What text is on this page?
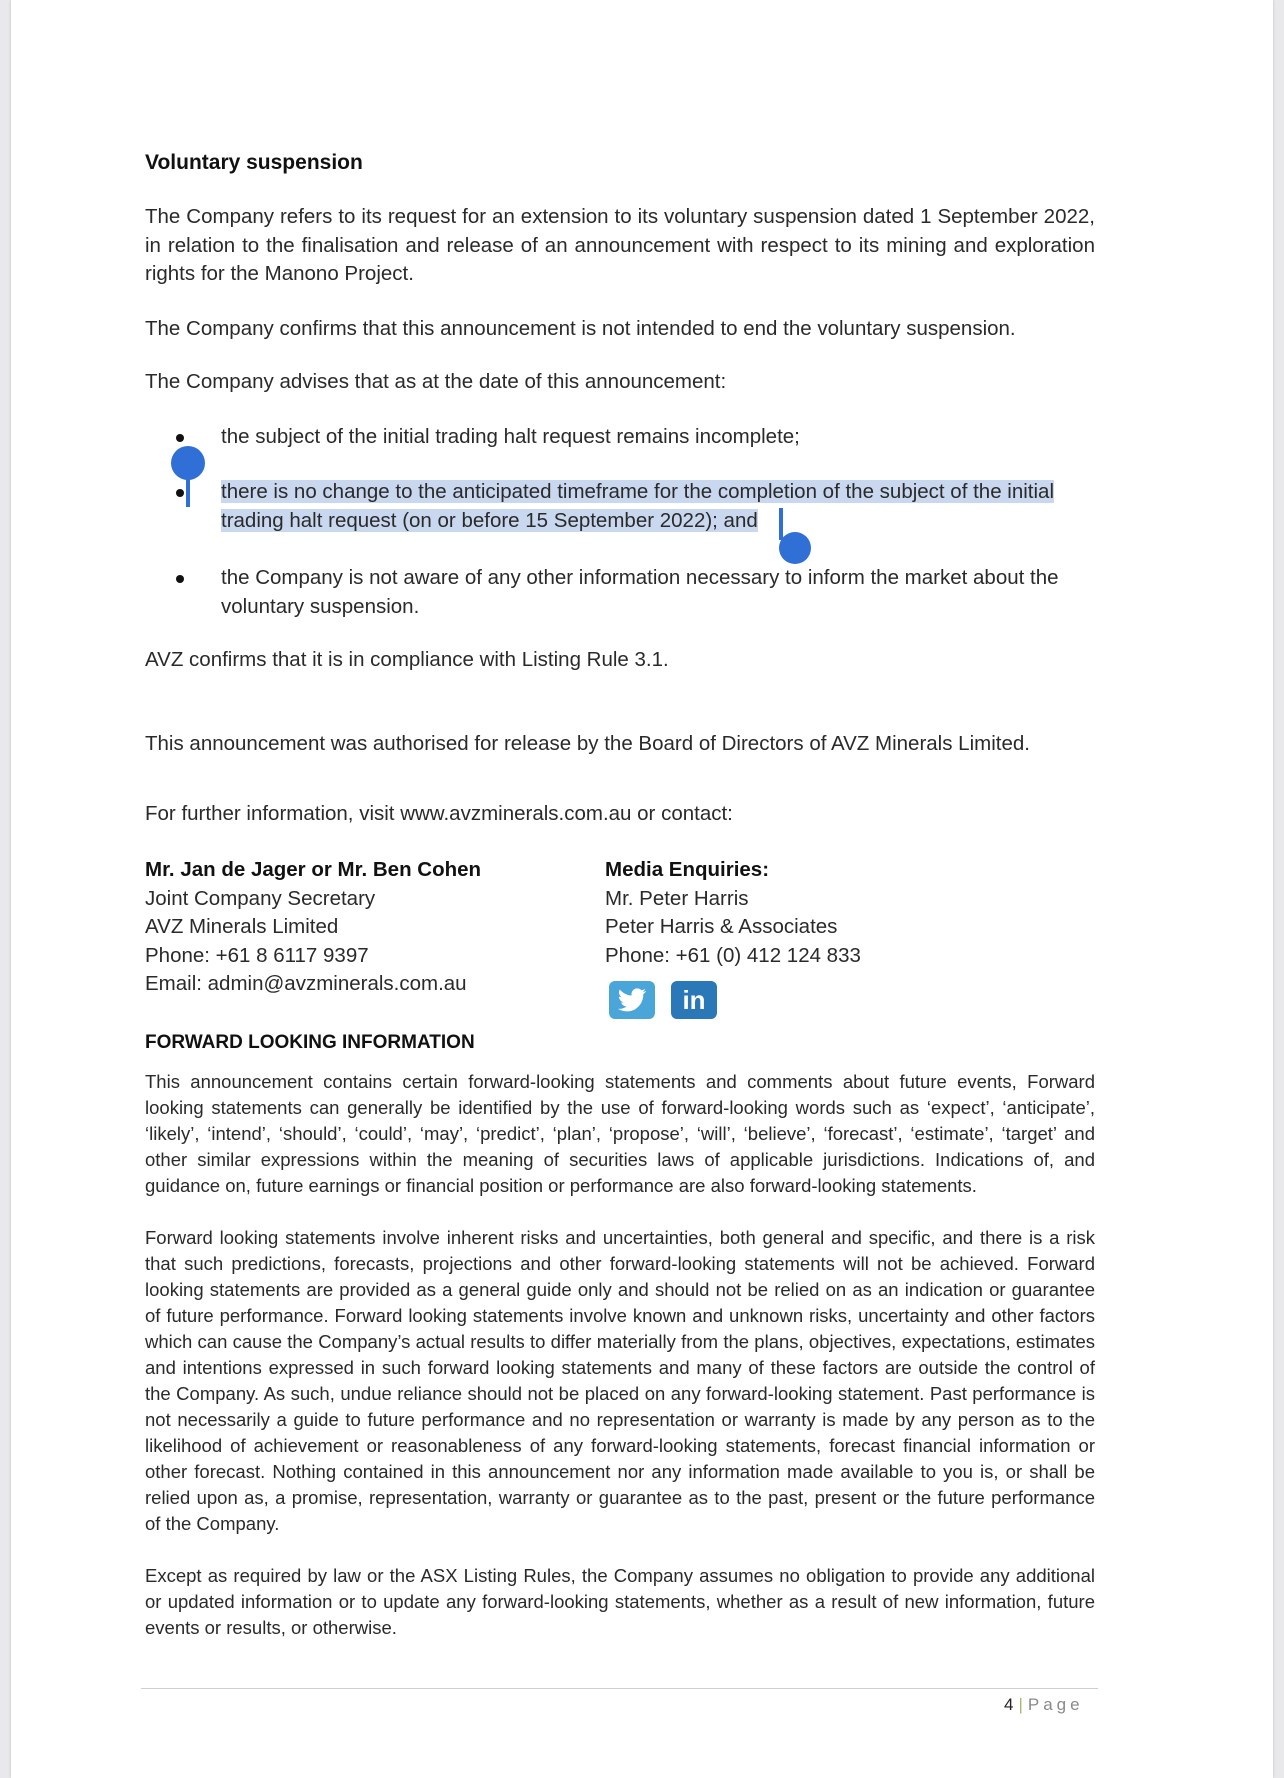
Voluntary suspension
The Company refers to its request for an extension to its voluntary suspension dated 1 September 2022, in relation to the finalisation and release of an announcement with respect to its mining and exploration rights for the Manono Project.
The Company confirms that this announcement is not intended to end the voluntary suspension.
The Company advises that as at the date of this announcement:
the subject of the initial trading halt request remains incomplete;
there is no change to the anticipated timeframe for the completion of the subject of the initial
trading halt request (on or before 15 September 2022); and
the Company is not aware of any other information necessary to inform the market about the voluntary suspension.
AVZ confirms that it is in compliance with Listing Rule 3.1.
This announcement was authorised for release by the Board of Directors of AVZ Minerals Limited.
For further information, visit www.avzminerals.com.au or contact:
Mr. Jan de Jager or Mr. Ben Cohen
Joint Company Secretary
AVZ Minerals Limited
Phone: +61 8 6117 9397
Email: admin@avzminerals.com.au
Media Enquiries:
Mr. Peter Harris
Peter Harris & Associates
Phone: +61 (0) 412 124 833
in
FORWARD LOOKING INFORMATION
This announcement contains certain forward-looking statements and comments about future events, Forward looking statements can generally be identified by the use of forward-looking words such as ‘expect’, ‘anticipate’, ‘likely’, ‘intend’, ‘should’, ‘could’, ‘may’, ‘predict’, ‘plan’, ‘propose’, ‘will’, ‘believe’, ‘forecast’, ‘estimate’, ‘target’ and other similar expressions within the meaning of securities laws of applicable jurisdictions. Indications of, and guidance on, future earnings or financial position or performance are also forward-looking statements.
Forward looking statements involve inherent risks and uncertainties, both general and specific, and there is a risk that such predictions, forecasts, projections and other forward-looking statements will not be achieved. Forward looking statements are provided as a general guide only and should not be relied on as an indication or guarantee of future performance. Forward looking statements involve known and unknown risks, uncertainty and other factors which can cause the Company’s actual results to differ materially from the plans, objectives, expectations, estimates and intentions expressed in such forward looking statements and many of these factors are outside the control of the Company. As such, undue reliance should not be placed on any forward-looking statement. Past performance is not necessarily a guide to future performance and no representation or warranty is made by any person as to the likelihood of achievement or reasonableness of any forward-looking statements, forecast financial information or other forecast. Nothing contained in this announcement nor any information made available to you is, or shall be relied upon as, a promise, representation, warranty or guarantee as to the past, present or the future performance of the Company.
Except as required by law or the ASX Listing Rules, the Company assumes no obligation to provide any additional or updated information or to update any forward-looking statements, whether as a result of new information, future events or results, or otherwise.
4 | Page
